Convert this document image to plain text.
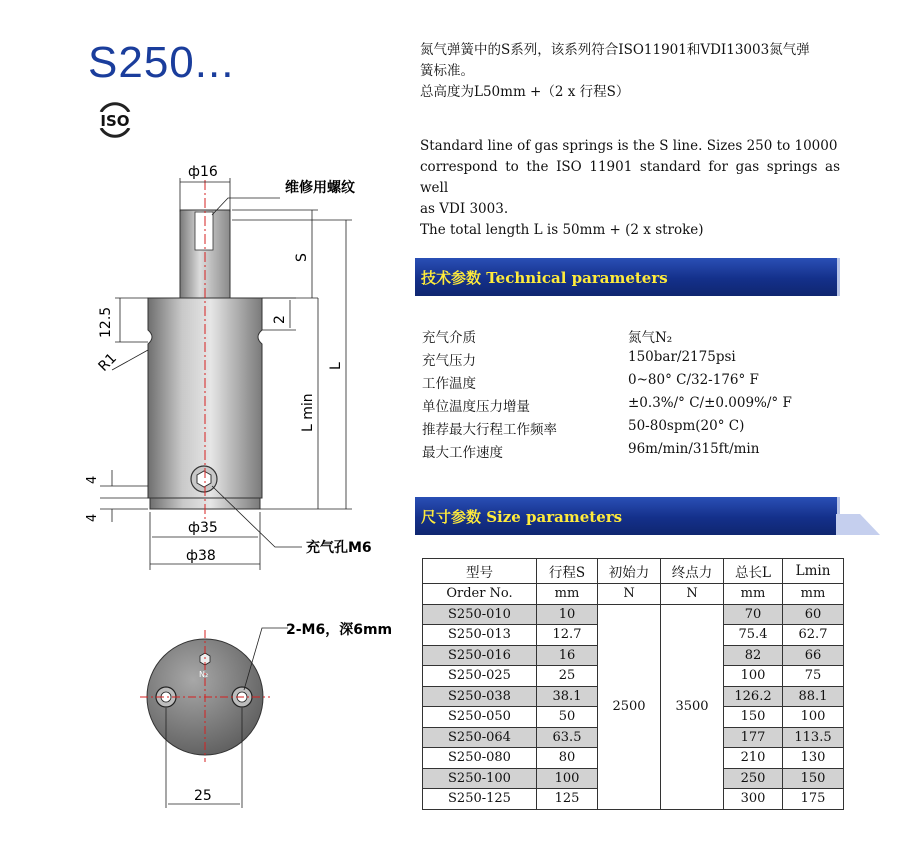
S250...
ISO
氮气弹簧中的S系列，该系列符合ISO11901和VDI13003氮气弹
簧标准。
总高度为L50mm +（2 x 行程S）
Standard line of gas springs is the S line. Sizes 250 to 10000
correspond to the ISO 11901 standard for gas springs as well
as VDI 3003.
The total length L is 50mm + (2 x stroke)
技术参数 Technical parameters
充气介质	氮气N₂
充气压力	150bar/2175psi
工作温度	0~80° C/32-176° F
单位温度压力增量	±0.3%/° C/±0.009%/° F
推荐最大行程工作频率	50-80spm(20° C)
最大工作速度	96m/min/315ft/min
尺寸参数 Size parameters
型号	行程S	初始力	终点力	总长L	Lmin
Order No.	mm	N	N	mm	mm
S250-010	10	2500	3500	70	60
S250-013	12.7			75.4	62.7
S250-016	16			82	66
S250-025	25			100	75
S250-038	38.1			126.2	88.1
S250-050	50			150	100
S250-064	63.5			177	113.5
S250-080	80			210	130
S250-100	100			250	150
S250-125	125			300	175
ф16
维修用螺纹
S
12.5	2
R1
L min
L
4
4
ф35
ф38	充气孔M6
N₂
25
2-M6，深6mm
